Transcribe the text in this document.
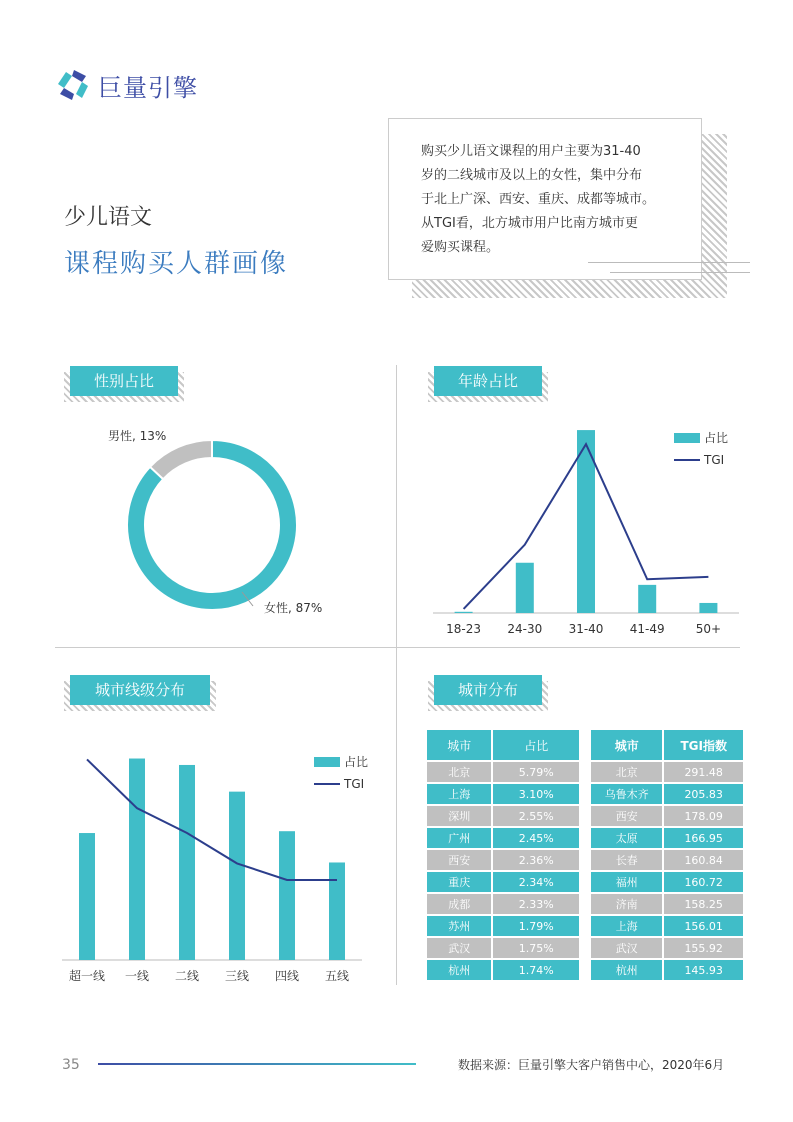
巨量引擎
少儿语文
课程购买人群画像
购买少儿语文课程的用户主要为31-40
岁的二线城市及以上的女性，集中分布
于北上广深、西安、重庆、成都等城市。
从TGI看，北方城市用户比南方城市更
爱购买课程。
性别占比	年龄占比
城市线级分布	城市分布
女性, 87%
男性, 13%
18-23 24-30 31-40 41-49	50+
占比
TGI
超一线 一线 二线 三线 四线 五线
占比
TGI
城市	占比
北京	5.79%
上海	3.10%
深圳	2.55%
广州	2.45%
西安	2.36%
重庆	2.34%
成都	2.33%
苏州	1.79%
武汉	1.75%
杭州	1.74%
城市	TGI指数
北京	291.48
乌鲁木齐	205.83
西安	178.09
太原	166.95
长春	160.84
福州	160.72
济南	158.25
上海	156.01
武汉	155.92
杭州	145.93
35	数据来源：巨量引擎大客户销售中心，2020年6月
